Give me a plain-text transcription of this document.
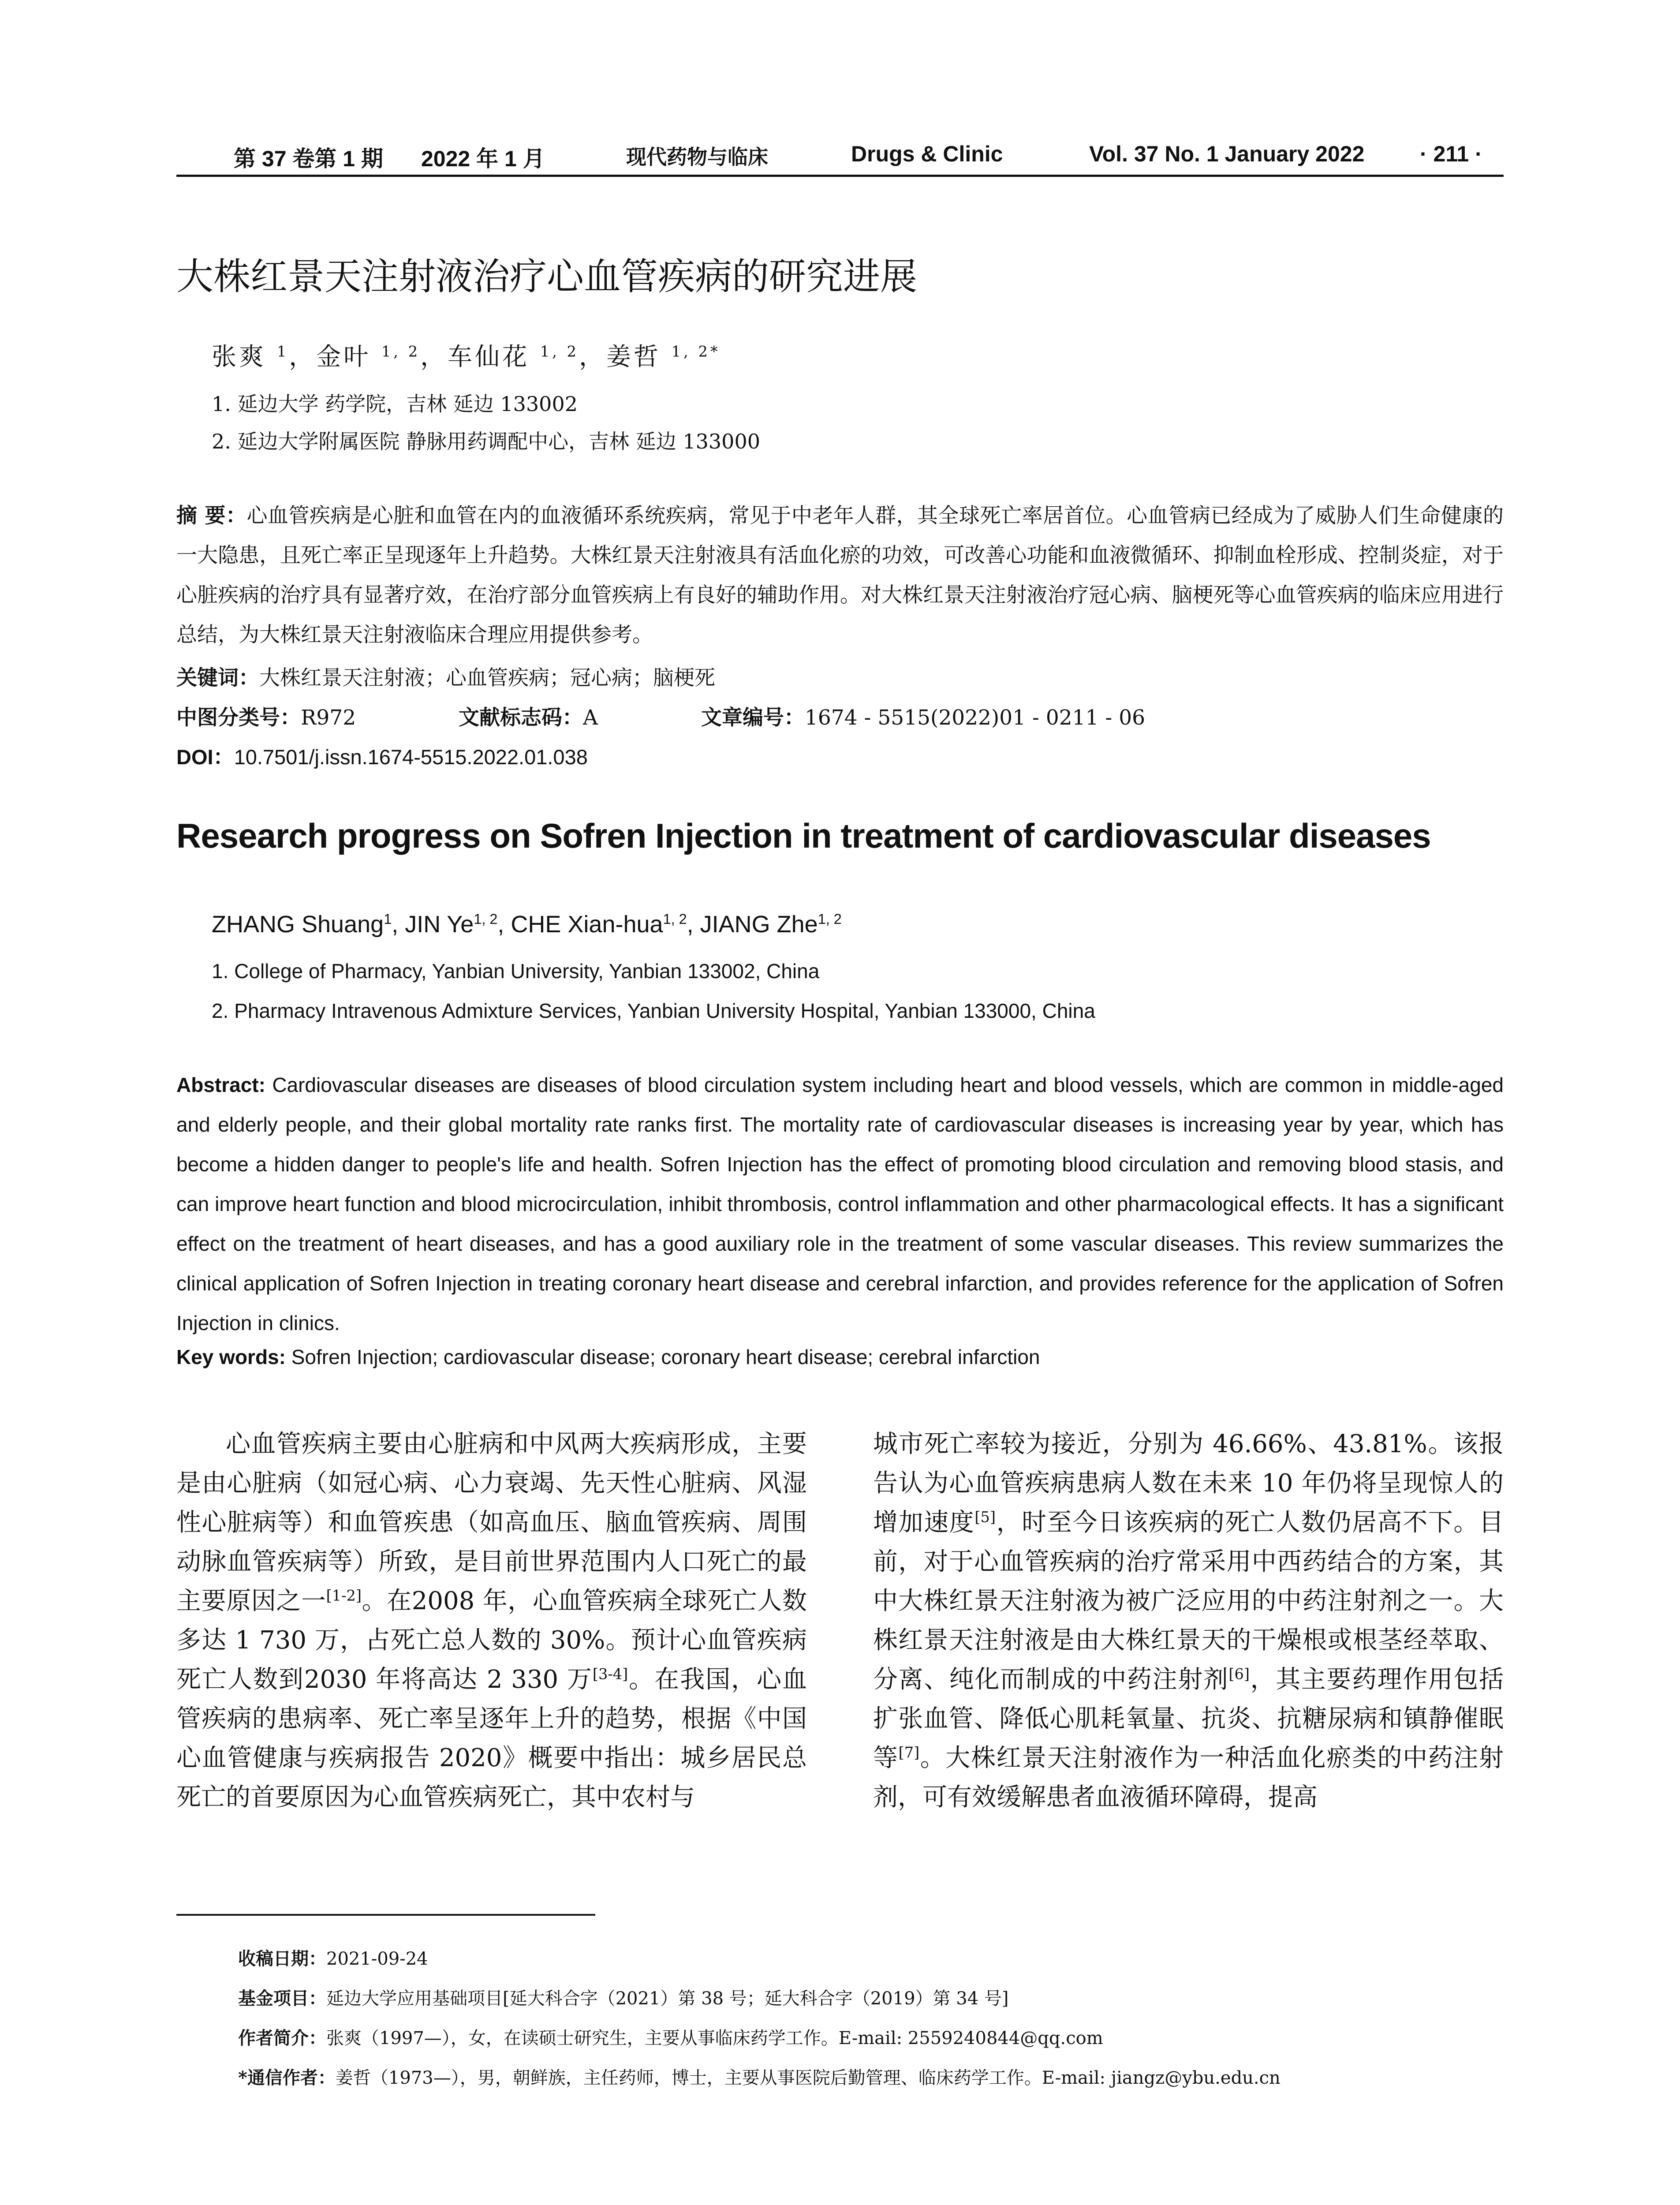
第 37 卷第 1 期 2022 年 1 月	现代药物与临床	Drugs & Clinic	Vol. 37 No. 1 January 2022	· 211 ·
大株红景天注射液治疗心血管疾病的研究进展
张爽 $^1$，金叶 $^{1, 2}$，车仙花 $^{1, 2}$，姜哲 $^{1, 2*}$
1. 延边大学 药学院，吉林 延边 133002
2. 延边大学附属医院 静脉用药调配中心，吉林 延边 133000
摘 要：心血管疾病是心脏和血管在内的血液循环系统疾病，常见于中老年人群，其全球死亡率居首位。心血管病已经成为了威胁人们生命健康的一大隐患，且死亡率正呈现逐年上升趋势。大株红景天注射液具有活血化瘀的功效，可改善心功能和血液微循环、抑制血栓形成、控制炎症，对于心脏疾病的治疗具有显著疗效，在治疗部分血管疾病上有良好的辅助作用。对大株红景天注射液治疗冠心病、脑梗死等心血管疾病的临床应用进行总结，为大株红景天注射液临床合理应用提供参考。
关键词：大株红景天注射液；心血管疾病；冠心病；脑梗死
中图分类号：R972	文献标志码：A	文章编号：1674 - 5515(2022)01 - 0211 - 06
DOI：10.7501/j.issn.1674-5515.2022.01.038
Research progress on Sofren Injection in treatment of cardiovascular diseases
ZHANG Shuang$^1$, JIN Ye$^{1, 2}$, CHE Xian-hua$^{1, 2}$, JIANG Zhe$^{1, 2}$
1. College of Pharmacy, Yanbian University, Yanbian 133002, China
2. Pharmacy Intravenous Admixture Services, Yanbian University Hospital, Yanbian 133000, China
Abstract: Cardiovascular diseases are diseases of blood circulation system including heart and blood vessels, which are common in middle-aged and elderly people, and their global mortality rate ranks first. The mortality rate of cardiovascular diseases is increasing year by year, which has become a hidden danger to people's life and health. Sofren Injection has the effect of promoting blood circulation and removing blood stasis, and can improve heart function and blood microcirculation, inhibit thrombosis, control inflammation and other pharmacological effects. It has a significant effect on the treatment of heart diseases, and has a good auxiliary role in the treatment of some vascular diseases. This review summarizes the clinical application of Sofren Injection in treating coronary heart disease and cerebral infarction, and provides reference for the application of Sofren Injection in clinics.
Key words: Sofren Injection; cardiovascular disease; coronary heart disease; cerebral infarction

心血管疾病主要由心脏病和中风两大疾病形成，主要是由心脏病（如冠心病、心力衰竭、先天性心脏病、风湿性心脏病等）和血管疾患（如高血压、脑血管疾病、周围动脉血管疾病等）所致，是目前世界范围内人口死亡的最主要原因之一[1-2]。在2008 年，心血管疾病全球死亡人数多达 1 730 万，占死亡总人数的 30%。预计心血管疾病死亡人数到2030 年将高达 2 330 万[3-4]。在我国，心血管疾病的患病率、死亡率呈逐年上升的趋势，根据《中国心血管健康与疾病报告 2020》概要中指出：城乡居民总死亡的首要原因为心血管疾病死亡，其中农村与

城市死亡率较为接近，分别为 46.66%、43.81%。该报告认为心血管疾病患病人数在未来 10 年仍将呈现惊人的增加速度[5]，时至今日该疾病的死亡人数仍居高不下。目前，对于心血管疾病的治疗常采用中西药结合的方案，其中大株红景天注射液为被广泛应用的中药注射剂之一。大株红景天注射液是由大株红景天的干燥根或根茎经萃取、分离、纯化而制成的中药注射剂[6]，其主要药理作用包括扩张血管、降低心肌耗氧量、抗炎、抗糖尿病和镇静催眠等[7]。大株红景天注射液作为一种活血化瘀类的中药注射剂，可有效缓解患者血液循环障碍，提高

收稿日期：2021-09-24
基金项目：延边大学应用基础项目[延大科合字（2021）第 38 号；延大科合字（2019）第 34 号]
作者简介：张爽（1997—），女，在读硕士研究生，主要从事临床药学工作。E-mail: 2559240844@qq.com
*通信作者：姜哲（1973—），男，朝鲜族，主任药师，博士，主要从事医院后勤管理、临床药学工作。E-mail: jiangz@ybu.edu.cn
